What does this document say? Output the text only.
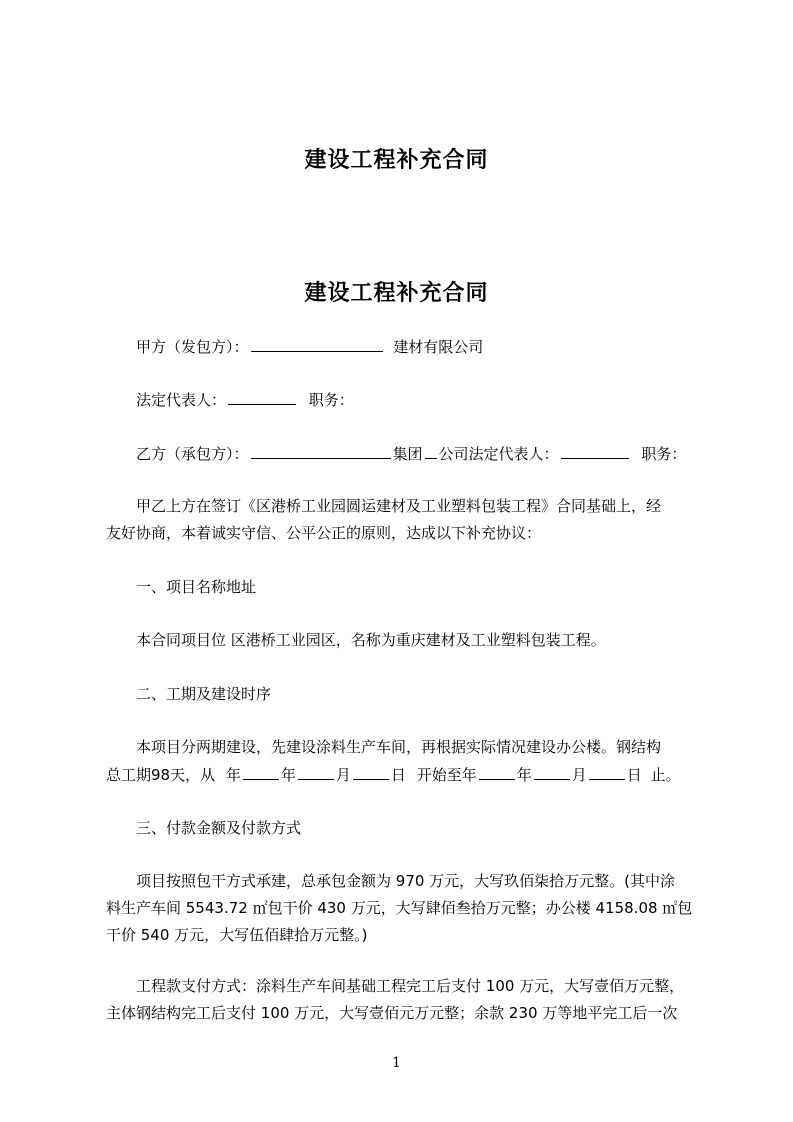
建设工程补充合同
建设工程补充合同
甲方（发包方）：	建材有限公司
法定代表人：	职务：
乙方（承包方）：	集团 公司法定代表人：	职务：
甲乙上方在签订《区港桥工业园圆运建材及工业塑料包装工程》合同基础上，经
友好协商，本着诚实守信、公平公正的原则，达成以下补充协议：
一、项目名称地址
本合同项目位 区港桥工业园区，名称为重庆建材及工业塑料包装工程。
二、工期及建设时序
本项目分两期建设，先建设涂料生产车间，再根据实际情况建设办公楼。钢结构
总工期98天，从 年	年	月	日 开始至年	年	月	日 止。
三、付款金额及付款方式
项目按照包干方式承建，总承包金额为 970 万元，大写玖佰柒拾万元整。(其中涂
料生产车间 5543.72 ㎡包干价 430 万元，大写肆佰叁拾万元整；办公楼 4158.08 ㎡包
干价 540 万元，大写伍佰肆拾万元整。)
工程款支付方式：涂料生产车间基础工程完工后支付 100 万元，大写壹佰万元整，
主体钢结构完工后支付 100 万元，大写壹佰元万元整；余款 230 万等地平完工后一次
1
